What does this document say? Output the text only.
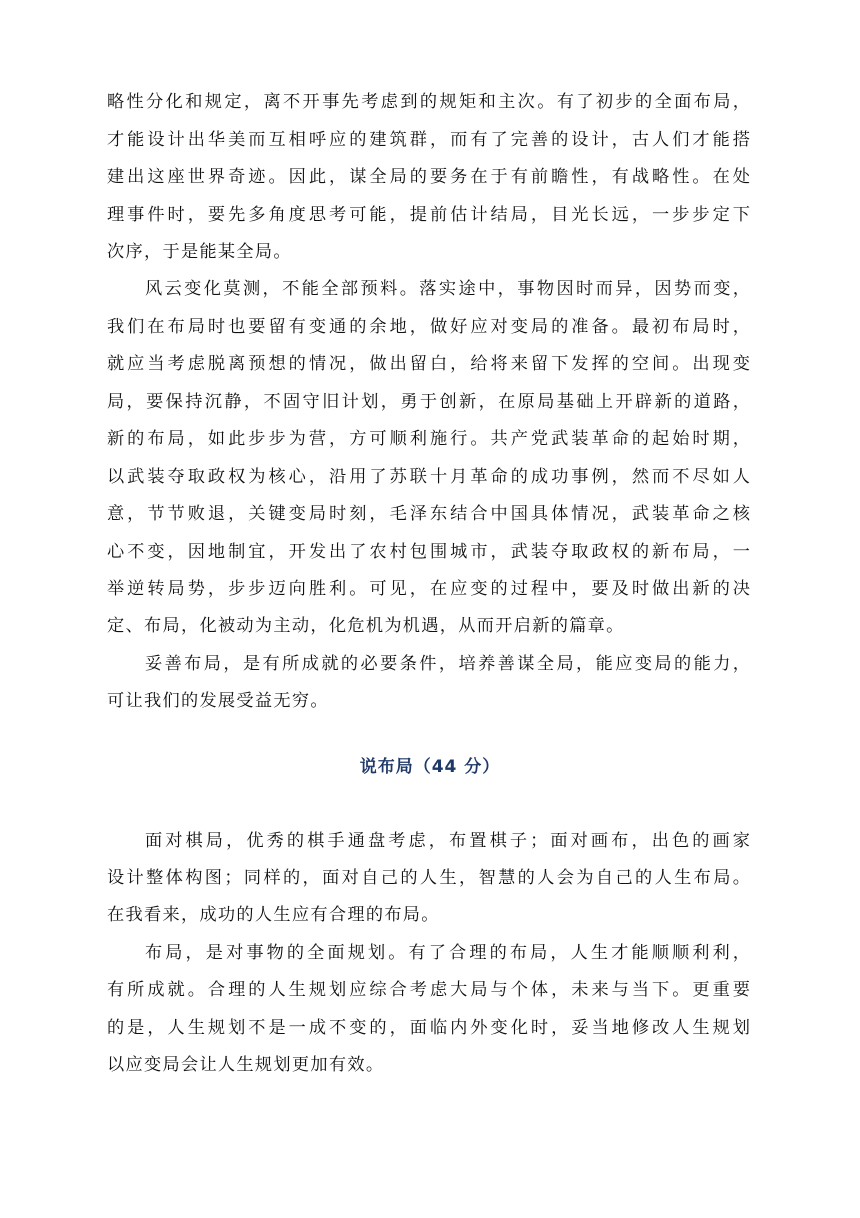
略性分化和规定，离不开事先考虑到的规矩和主次。有了初步的全面布局，
才能设计出华美而互相呼应的建筑群，而有了完善的设计，古人们才能搭
建出这座世界奇迹。因此，谋全局的要务在于有前瞻性，有战略性。在处
理事件时，要先多角度思考可能，提前估计结局，目光长远，一步步定下
次序，于是能某全局。
风云变化莫测，不能全部预料。落实途中，事物因时而异，因势而变，
我们在布局时也要留有变通的余地，做好应对变局的准备。最初布局时，
就应当考虑脱离预想的情况，做出留白，给将来留下发挥的空间。出现变
局，要保持沉静，不固守旧计划，勇于创新，在原局基础上开辟新的道路，
新的布局，如此步步为营，方可顺利施行。共产党武装革命的起始时期，
以武装夺取政权为核心，沿用了苏联十月革命的成功事例，然而不尽如人
意，节节败退，关键变局时刻，毛泽东结合中国具体情况，武装革命之核
心不变，因地制宜，开发出了农村包围城市，武装夺取政权的新布局，一
举逆转局势，步步迈向胜利。可见，在应变的过程中，要及时做出新的决
定、布局，化被动为主动，化危机为机遇，从而开启新的篇章。
妥善布局，是有所成就的必要条件，培养善谋全局，能应变局的能力，
可让我们的发展受益无穷。
说布局（44 分）
面对棋局，优秀的棋手通盘考虑，布置棋子；面对画布，出色的画家
设计整体构图；同样的，面对自己的人生，智慧的人会为自己的人生布局。
在我看来，成功的人生应有合理的布局。
布局，是对事物的全面规划。有了合理的布局，人生才能顺顺利利，
有所成就。合理的人生规划应综合考虑大局与个体，未来与当下。更重要
的是，人生规划不是一成不变的，面临内外变化时，妥当地修改人生规划
以应变局会让人生规划更加有效。
